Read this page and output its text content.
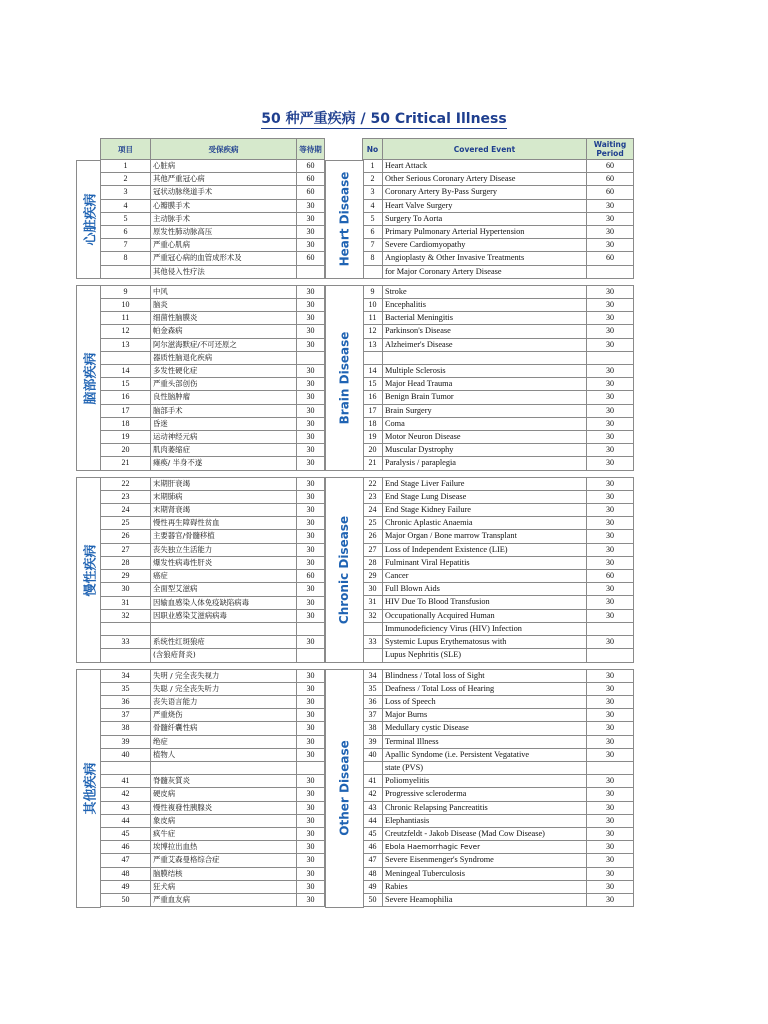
50 种严重疾病 / 50 Critical Illness
项目	受保疾病	等待期
1	心脏病	60
2	其他严重冠心病	60
3	冠状动脉绕道手术	60
4	心瓣膜手术	30
5	主动脉手术	30
6	原发性肺动脉高压	30
7	严重心肌病	30
8	严重冠心病的血管成形术及	60
	其他侵入性疗法	

9	中风	30
10	脑炎	30
11	细菌性脑膜炎	30
12	帕金森病	30
13	阿尔滋海默症/不可还原之	30
	器质性脑退化疾病	
14	多发性硬化症	30
15	严重头部创伤	30
16	良性脑肿瘤	30
17	脑部手术	30
18	昏迷	30
19	运动神经元病	30
20	肌肉萎缩症	30
21	瘫痪/ 半身不遂	30

22	末期肝衰竭	30
23	末期肺病	30
24	末期肾衰竭	30
25	慢性再生障碍性贫血	30
26	主要器官/骨髓移植	30
27	丧失独立生活能力	30
28	爆发性病毒性肝炎	30
29	癌症	60
30	全面型艾滋病	30
31	因输血感染人体免疫缺陷病毒	30
32	因职业感染艾滋病病毒	30

33	系统性红斑狼疮	30
	(含狼疮肾炎)	

34	失明 / 完全丧失视力	30
35	失聪 / 完全丧失听力	30
36	丧失语言能力	30
37	严重烧伤	30
38	骨髓纤囊性病	30
39	绝症	30
40	植物人	30

41	脊髓灰質炎	30
42	硬皮病	30
43	慢性複發性胰腺炎	30
44	象皮病	30
45	疯牛症	30
46	埃博拉出血热	30
47	严重艾森曼格综合症	30
48	脑膜结核	30
49	狂犬病	30
50	严重血友病	30
No	Covered Event	Waiting Period
1	Heart Attack	60
2	Other Serious Coronary Artery Disease	60
3	Coronary Artery By-Pass Surgery	60
4	Heart Valve Surgery	30
5	Surgery To Aorta	30
6	Primary Pulmonary Arterial Hypertension	30
7	Severe Cardiomyopathy	30
8	Angioplasty & Other Invasive Treatments	60
	for Major Coronary Artery Disease	

9	Stroke	30
10	Encephalitis	30
11	Bacterial Meningitis	30
12	Parkinson's Disease	30
13	Alzheimer's Disease	30

14	Multiple Sclerosis	30
15	Major Head Trauma	30
16	Benign Brain Tumor	30
17	Brain Surgery	30
18	Coma	30
19	Motor Neuron Disease	30
20	Muscular Dystrophy	30
21	Paralysis / paraplegia	30

22	End Stage Liver Failure	30
23	End Stage Lung Disease	30
24	End Stage Kidney Failure	30
25	Chronic Aplastic Anaemia	30
26	Major Organ / Bone marrow Transplant	30
27	Loss of Independent Existence (LIE)	30
28	Fulminant Viral Hepatitis	30
29	Cancer	60
30	Full Blown Aids	30
31	HIV Due To Blood Transfusion	30
32	Occupationally Acquired Human	30
	Immunodeficiency Virus (HIV) Infection	
33	Systemic Lupus Erythematosus with	30
	Lupus Nephritis (SLE)	

34	Blindness / Total loss of Sight	30
35	Deafness / Total Loss of Hearing	30
36	Loss of Speech	30
37	Major Burns	30
38	Medullary cystic Disease	30
39	Terminal Illness	30
40	Apallic Syndome (i.e. Persistent Vegatative	30
	state (PVS)	
41	Poliomyelitis	30
42	Progressive scleroderma	30
43	Chronic Relapsing Pancreatitis	30
44	Elephantiasis	30
45	Creutzfeldt - Jakob Disease (Mad Cow Disease)	30
46	Ebola Haemorrhagic Fever	30
47	Severe Eisenmenger's Syndrome	30
48	Meningeal Tuberculosis	30
49	Rabies	30
50	Severe Heamophilia	30
心脏疾病	Heart Disease
脑部疾病	Brain Disease
慢性疾病	Chronic Disease
其他疾病	Other Disease
